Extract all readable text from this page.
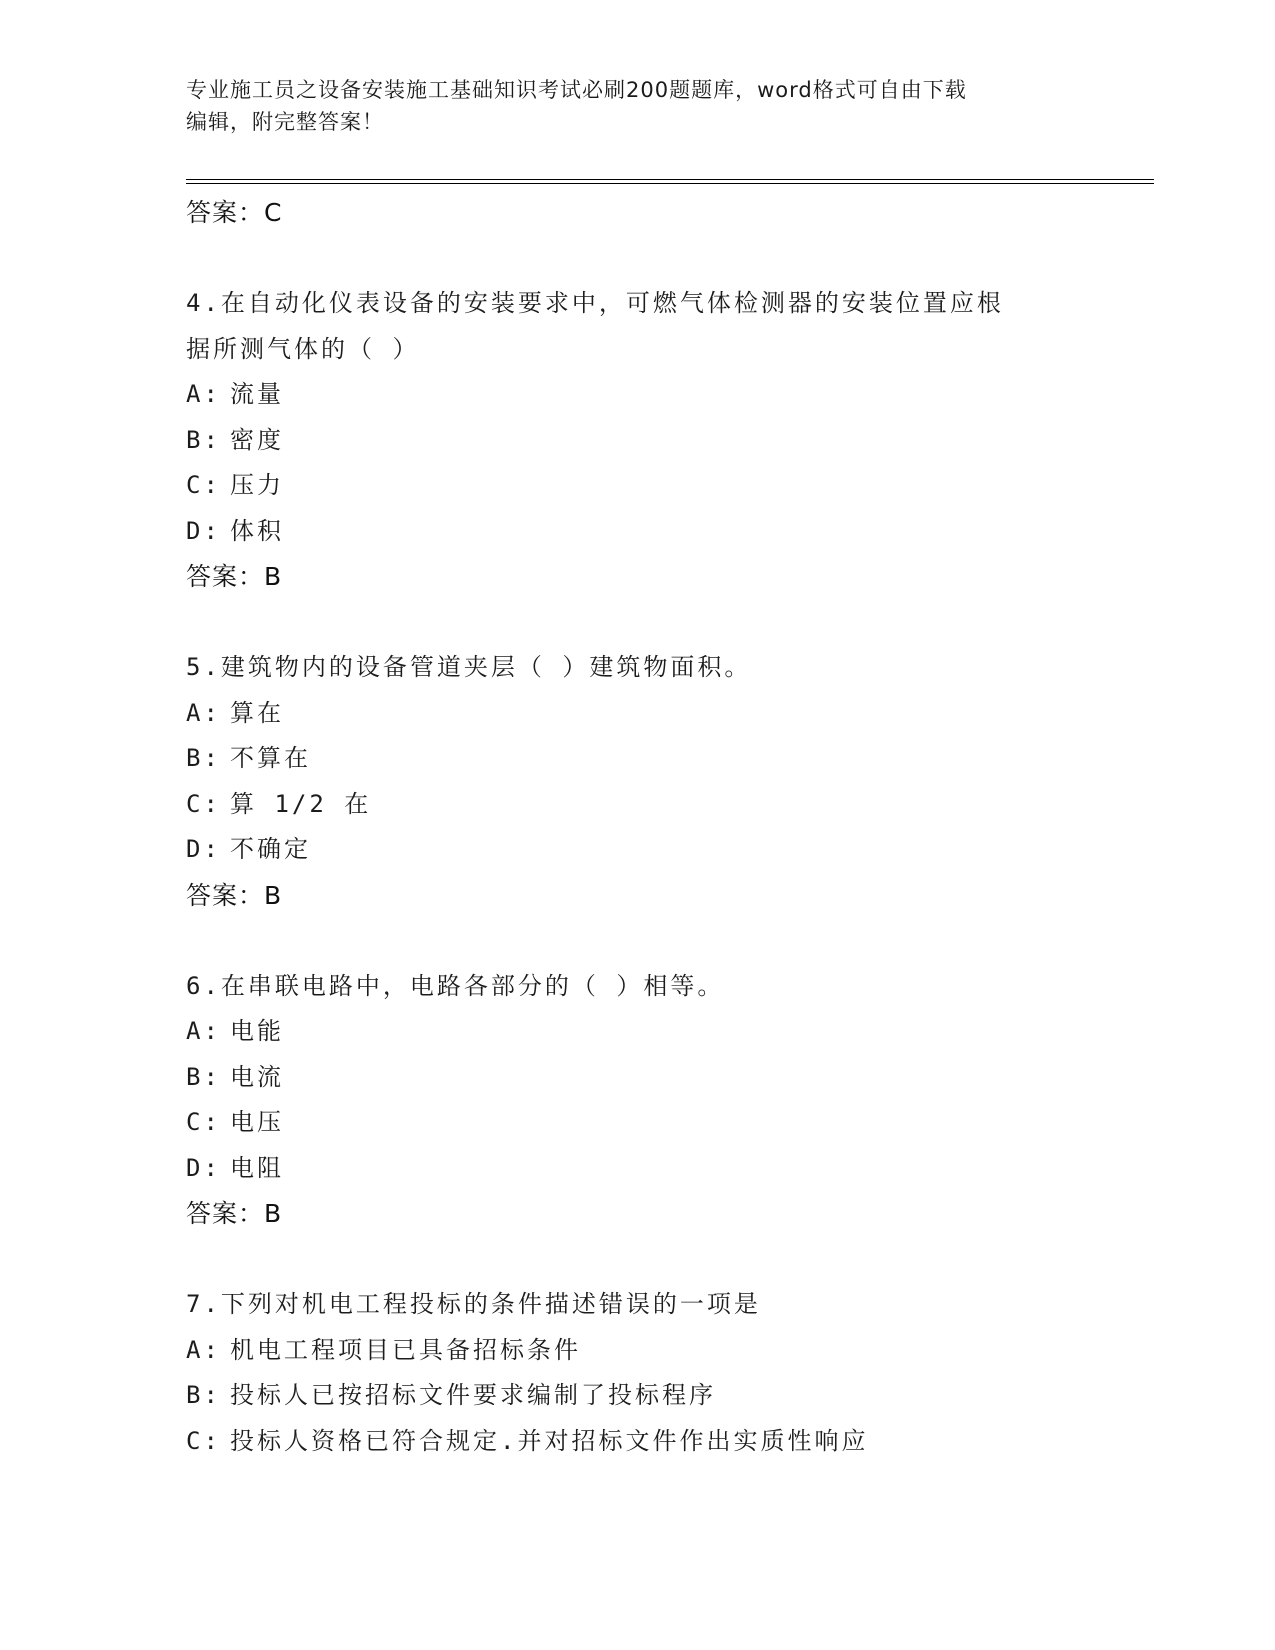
专业施工员之设备安装施工基础知识考试必刷200题题库，word格式可自由下载
编辑，附完整答案！
答案：C
4.在自动化仪表设备的安装要求中，可燃气体检测器的安装位置应根
据所测气体的（ ）
A: 流量
B: 密度
C: 压力
D: 体积
答案：B
5.建筑物内的设备管道夹层（ ）建筑物面积。
A: 算在
B: 不算在
C: 算 1/2 在
D: 不确定
答案：B
6.在串联电路中，电路各部分的（ ）相等。
A: 电能
B: 电流
C: 电压
D: 电阻
答案：B
7.下列对机电工程投标的条件描述错误的一项是
A: 机电工程项目已具备招标条件
B: 投标人已按招标文件要求编制了投标程序
C: 投标人资格已符合规定.并对招标文件作出实质性响应
